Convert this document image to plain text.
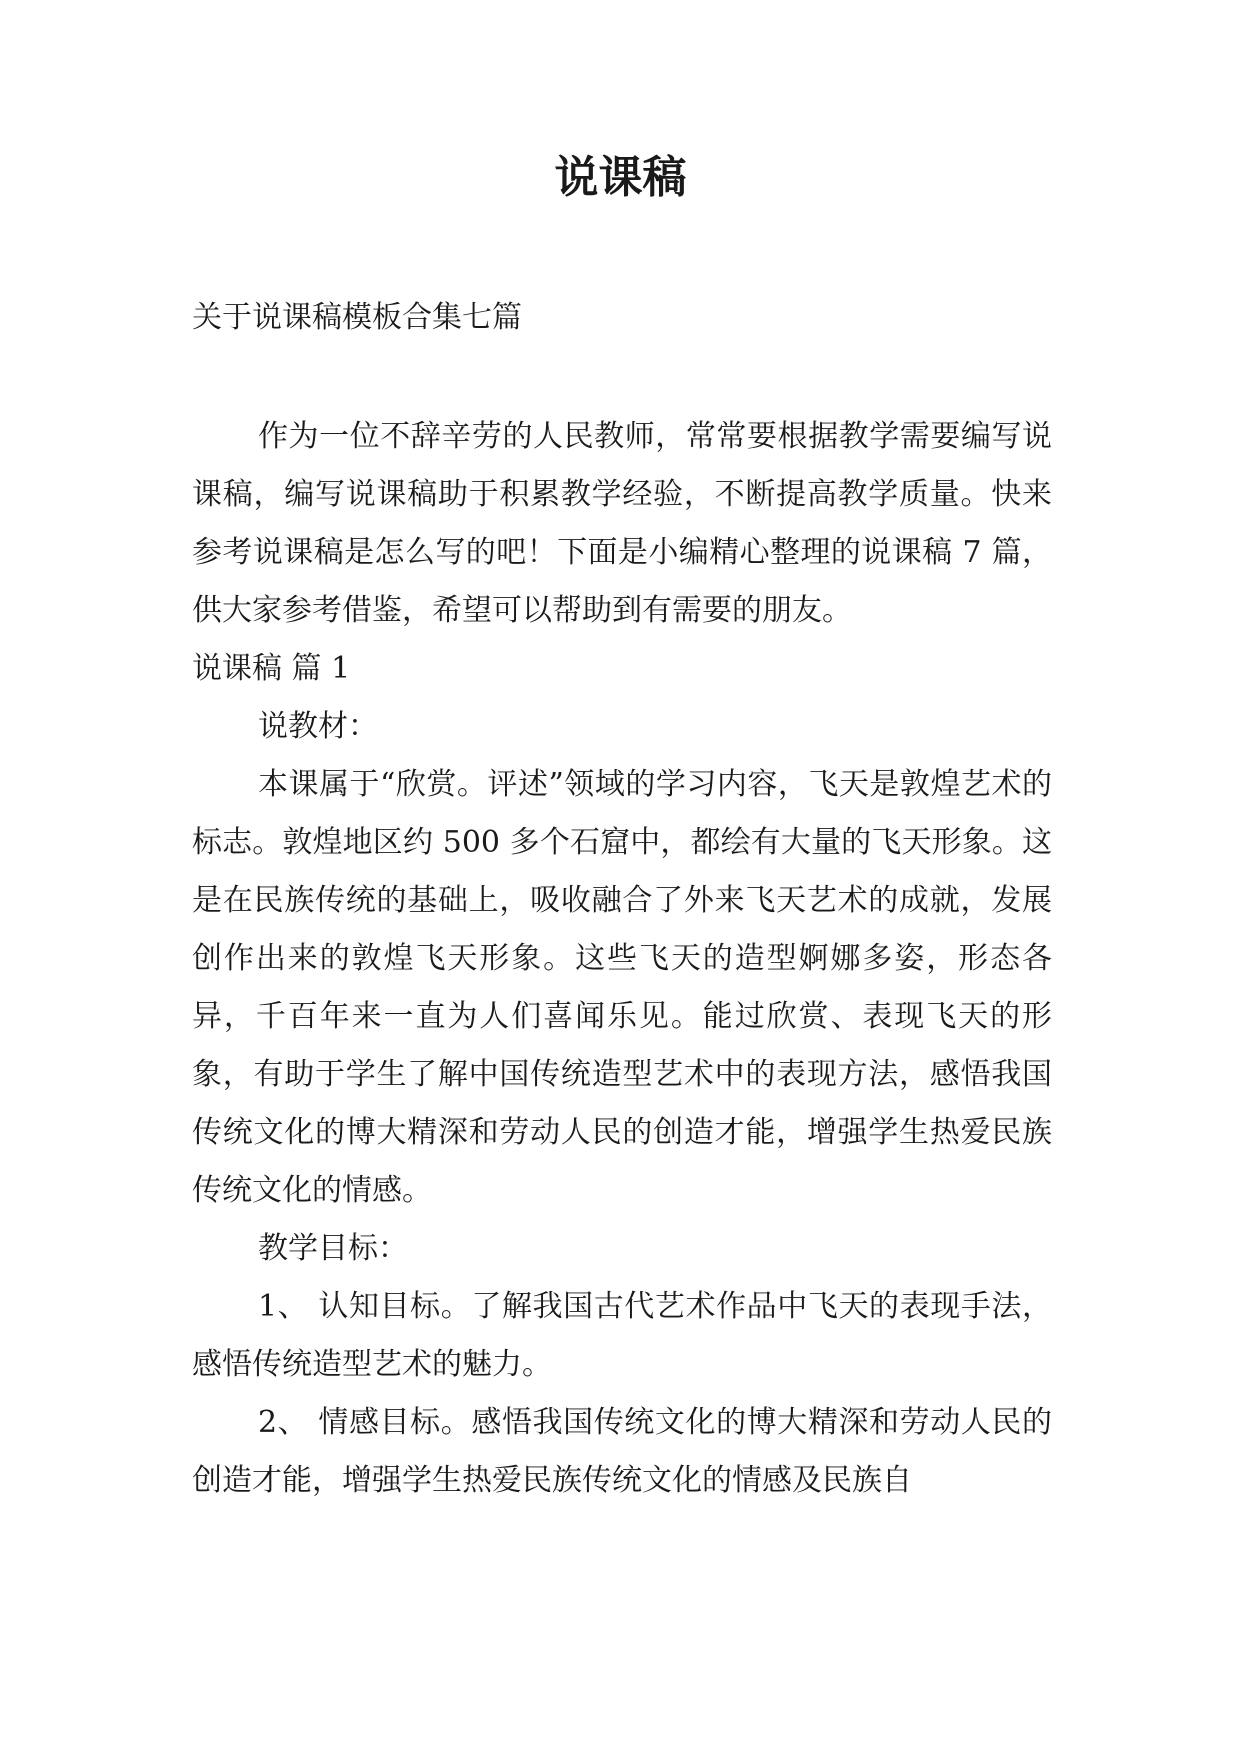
说课稿
关于说课稿模板合集七篇

作为一位不辞辛劳的人民教师，常常要根据教学需要编写说课稿，编写说课稿助于积累教学经验，不断提高教学质量。快来参考说课稿是怎么写的吧！下面是小编精心整理的说课稿 7 篇，供大家参考借鉴，希望可以帮助到有需要的朋友。

说课稿 篇 1

说教材：

本课属于“欣赏。评述”领域的学习内容，飞天是敦煌艺术的标志。敦煌地区约 500 多个石窟中，都绘有大量的飞天形象。这是在民族传统的基础上，吸收融合了外来飞天艺术的成就，发展创作出来的敦煌飞天形象。这些飞天的造型婀娜多姿，形态各异，千百年来一直为人们喜闻乐见。能过欣赏、表现飞天的形象，有助于学生了解中国传统造型艺术中的表现方法，感悟我国传统文化的博大精深和劳动人民的创造才能，增强学生热爱民族传统文化的情感。

教学目标：

1、 认知目标。了解我国古代艺术作品中飞天的表现手法，感悟传统造型艺术的魅力。

2、 情感目标。感悟我国传统文化的博大精深和劳动人民的创造才能，增强学生热爱民族传统文化的情感及民族自
